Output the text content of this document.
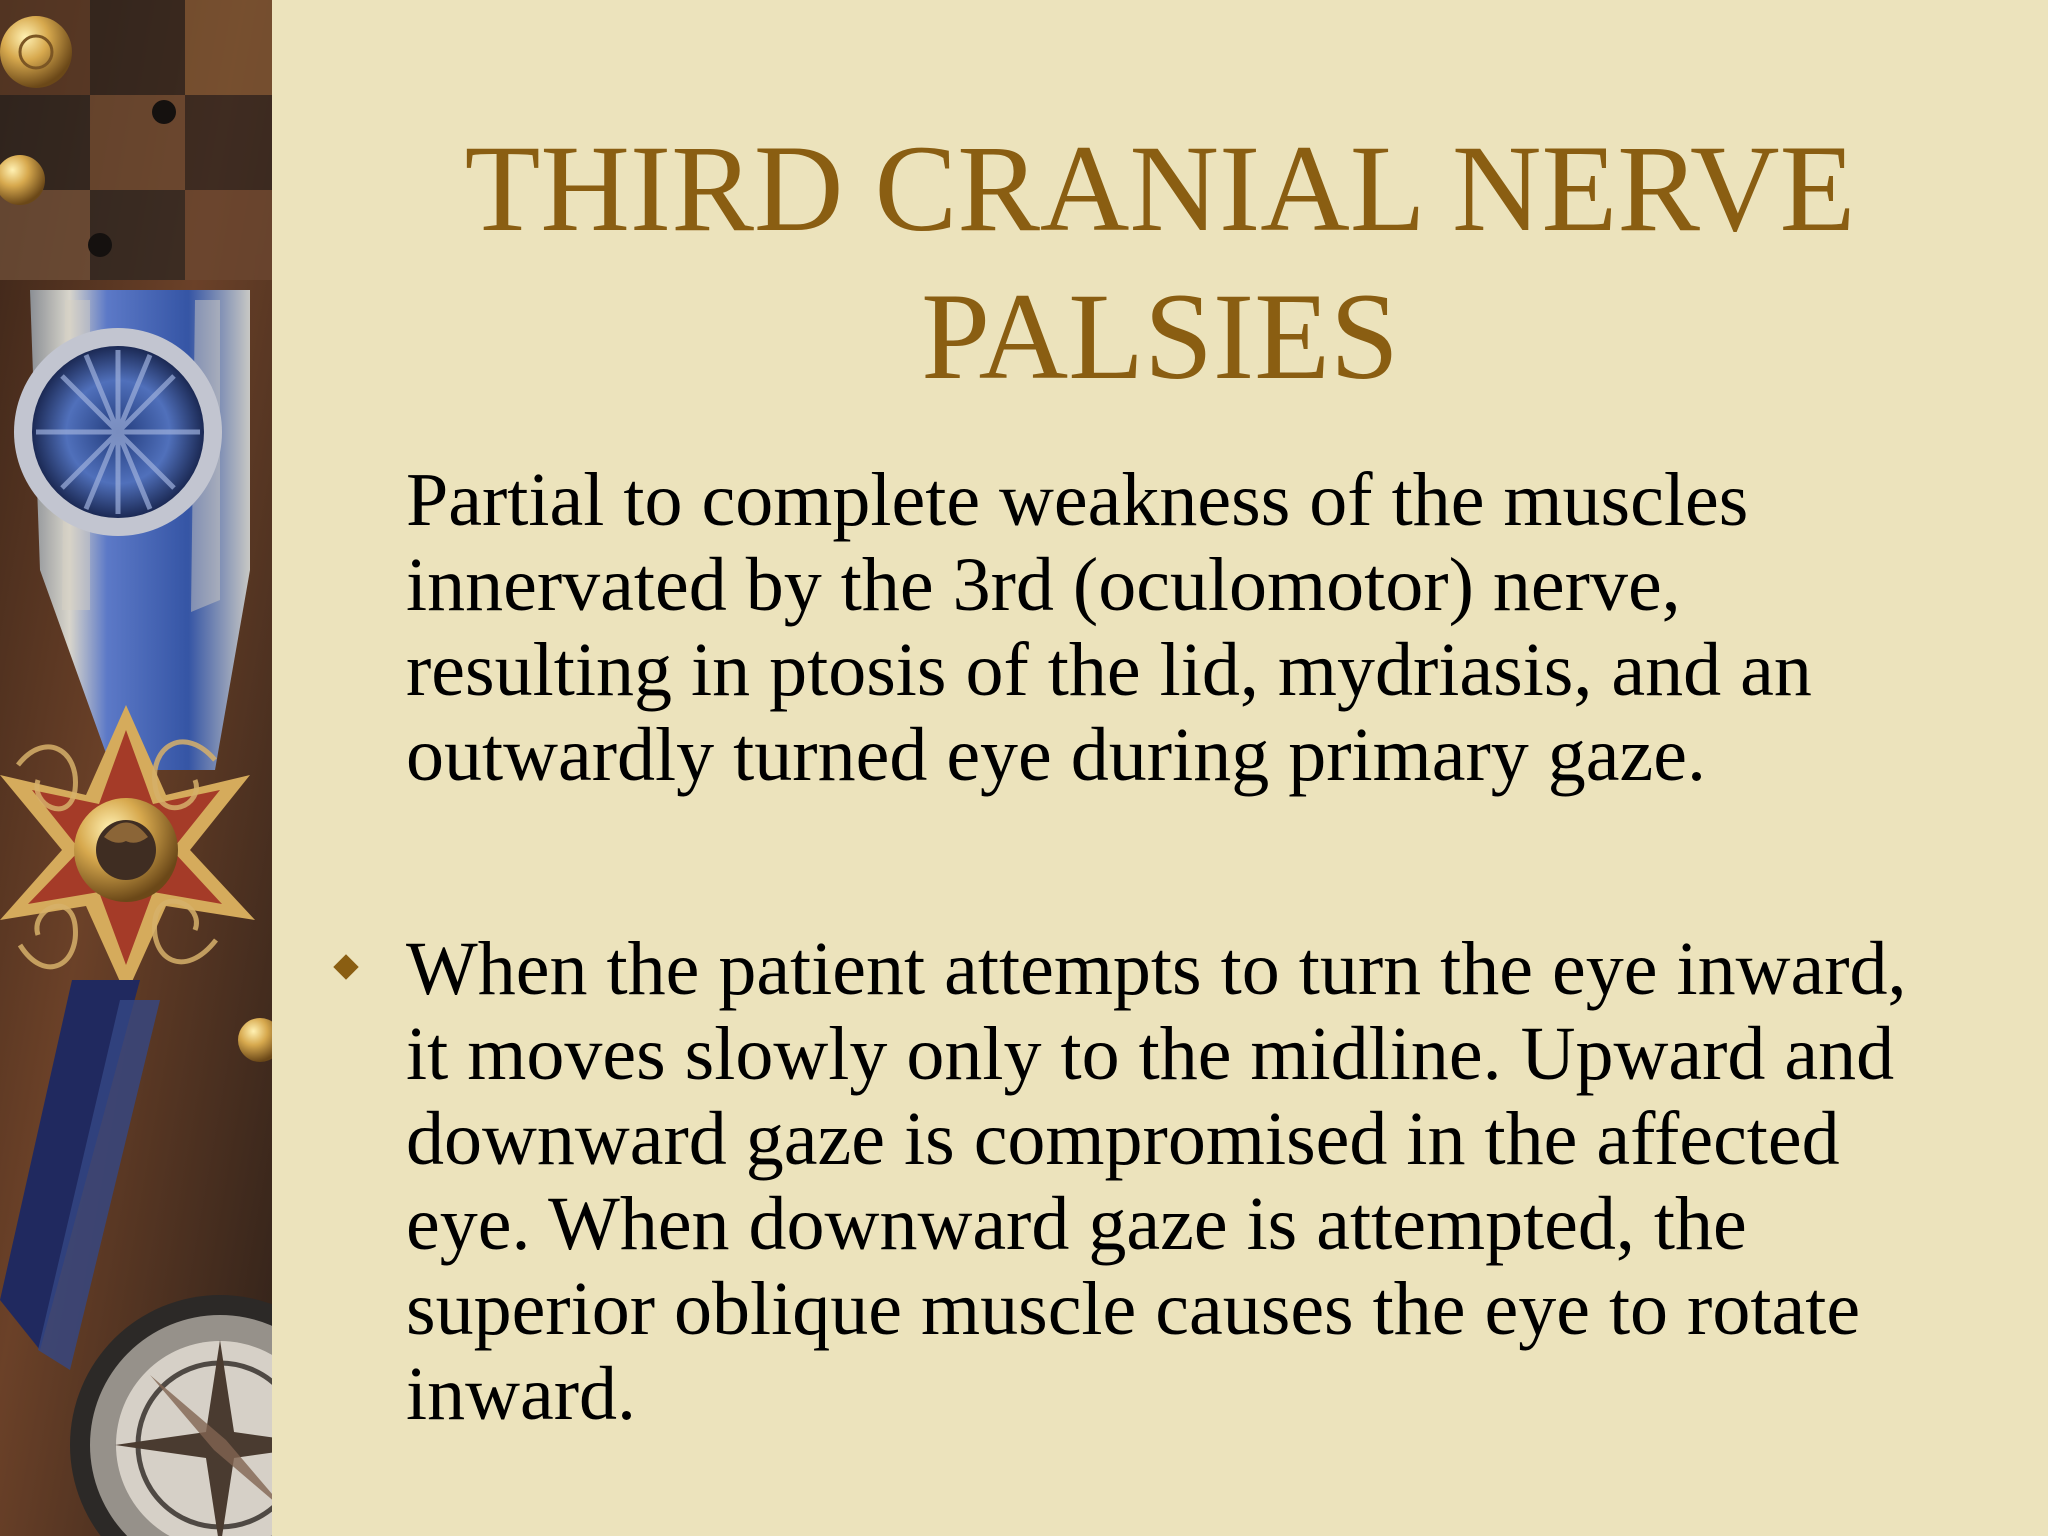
THIRD CRANIAL NERVE
PALSIES
Partial to complete weakness of the muscles
innervated by the 3rd (oculomotor) nerve,
resulting in ptosis of the lid, mydriasis, and an
outwardly turned eye during primary gaze.
When the patient attempts to turn the eye inward,
it moves slowly only to the midline. Upward and
downward gaze is compromised in the affected
eye. When downward gaze is attempted, the
superior oblique muscle causes the eye to rotate
inward.
